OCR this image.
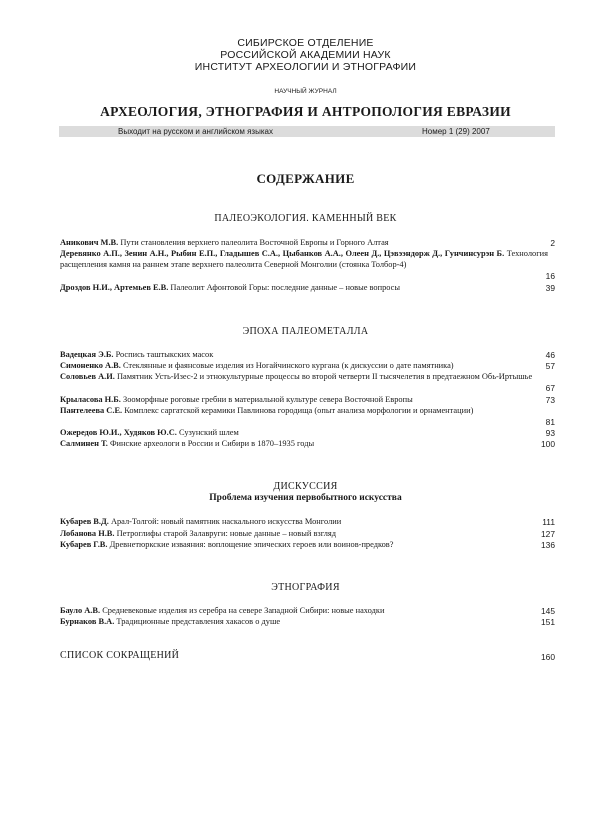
СИБИРСКОЕ ОТДЕЛЕНИЕ
РОССИЙСКОЙ АКАДЕМИИ НАУК
ИНСТИТУТ АРХЕОЛОГИИ И ЭТНОГРАФИИ
НАУЧНЫЙ ЖУРНАЛ
АРХЕОЛОГИЯ, ЭТНОГРАФИЯ И АНТРОПОЛОГИЯ ЕВРАЗИИ
Выходит на русском и английском языках	Номер 1 (29) 2007
СОДЕРЖАНИЕ
ПАЛЕОЭКОЛОГИЯ. КАМЕННЫЙ ВЕК
Аникович М.В. Пути становления верхнего палеолита Восточной Европы и Горного Алтая	2
Деревянко А.П., Зенин А.Н., Рыбин Е.П., Гладышев С.А., Цыбанков А.А., Олеен Д., Цэвээндорж Д., Гунчинсурэн Б. Технология расщепления камня на раннем этапе верхнего палеолита Северной Монголии (стоянка Толбор-4)
16
Дроздов Н.И., Артемьев Е.В. Палеолит Афонтовой Горы: последние данные – новые вопросы	39
ЭПОХА ПАЛЕОМЕТАЛЛА
Вадецкая Э.Б. Роспись таштыкских масок	46
Симоненко А.В. Стеклянные и фаянсовые изделия из Ногайчинского кургана (к дискуссии о дате памятника)	57
Соловьев А.И. Памятник Усть-Изес-2 и этнокультурные процессы во второй четверти II тысячелетия в предтаежном Обь-Иртышье
67
Крыласова Н.Б. Зооморфные роговые гребни в материальной культуре севера Восточной Европы	73
Пантелеева С.Е. Комплекс саргатской керамики Павлинова городища (опыт анализа морфологии и орнаментации)
81
Ожередов Ю.И., Худяков Ю.С. Сузунский шлем	93
Салминен Т. Финские археологи в России и Сибири в 1870–1935 годы	100
ДИСКУССИЯ
Проблема изучения первобытного искусства
Кубарев В.Д. Арал-Толгой: новый памятник наскального искусства Монголии	111
Лобанова Н.В. Петроглифы старой Залавруги: новые данные – новый взгляд	127
Кубарев Г.В. Древнетюркские изваяния: воплощение эпических героев или воинов-предков?	136
ЭТНОГРАФИЯ
Бауло А.В. Средневековые изделия из серебра на севере Западной Сибири: новые находки	145
Бурнаков В.А. Традиционные представления хакасов о душе	151
СПИСОК СОКРАЩЕНИЙ	160
